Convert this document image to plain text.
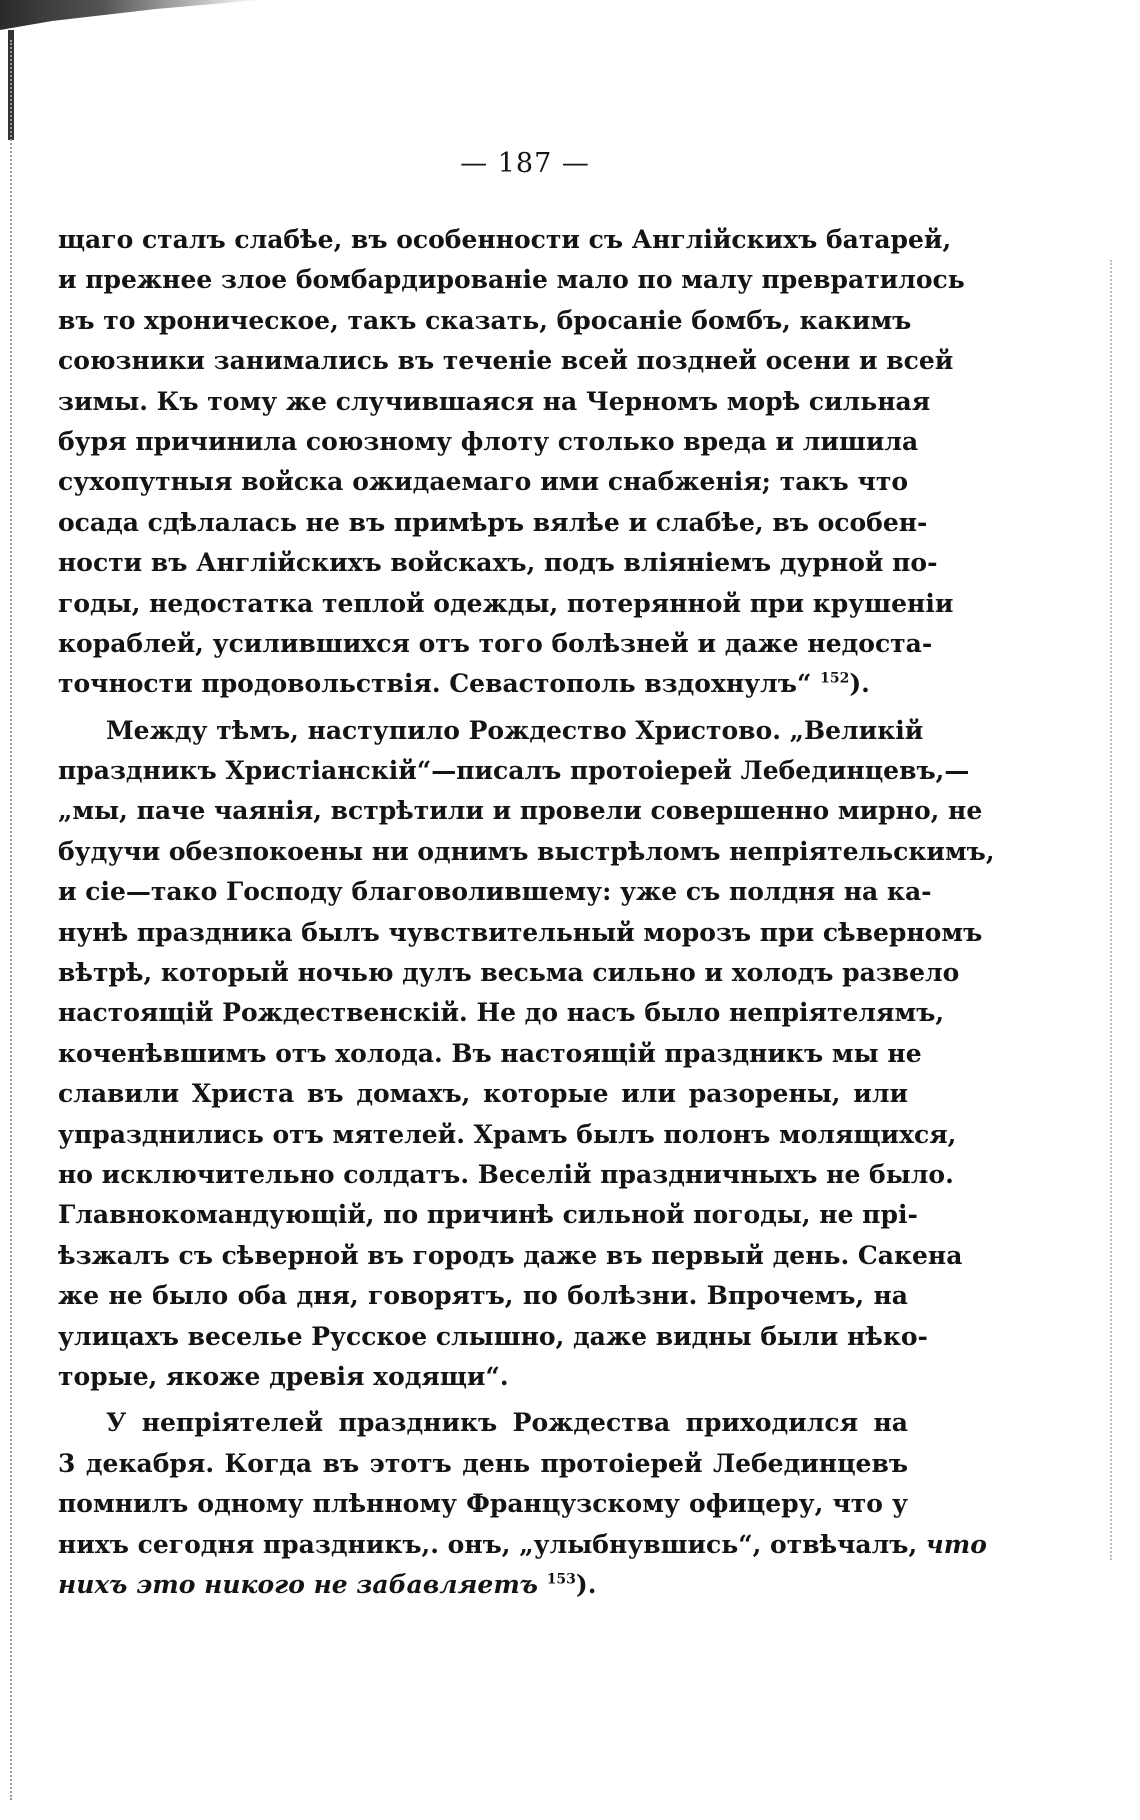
— 187 —
щаго сталъ слабѣе, въ особенности съ Англійскихъ батарей,
и прежнее злое бомбардированіе мало по малу превратилось
въ то хроническое, такъ сказать, бросаніе бомбъ, какимъ
союзники занимались въ теченіе всей поздней осени и всей
зимы. Къ тому же случившаяся на Черномъ морѣ сильная
буря причинила союзному флоту столько вреда и лишила
сухопутныя войска ожидаемаго ими снабженія; такъ что
осада сдѣлалась не въ примѣръ вялѣе и слабѣе, въ особен-
ности въ Англійскихъ войскахъ, подъ вліяніемъ дурной по-
годы, недостатка теплой одежды, потерянной при крушеніи
кораблей, усилившихся отъ того болѣзней и даже недоста-
точности продовольствія. Севастополь вздохнулъ“ $^{152}$).
Между тѣмъ, наступило Рождество Христово. „Великій
праздникъ Христіанскій“—писалъ протоіерей Лебединцевъ,—
„мы, паче чаянія, встрѣтили и провели совершенно мирно, не
будучи обезпокоены ни однимъ выстрѣломъ непріятельскимъ,
и сіе—тако Господу благоволившему: уже съ полдня на ка-
нунѣ праздника былъ чувствительный морозъ при сѣверномъ
вѣтрѣ, который ночью дулъ весьма сильно и холодъ развело
настоящій Рождественскій. Не до насъ было непріятелямъ,
коченѣвшимъ отъ холода. Въ настоящій праздникъ мы не
славили Христа въ домахъ, которые или разорены, или
упразднились отъ мятелей. Храмъ былъ полонъ молящихся,
но исключительно солдатъ. Веселій праздничныхъ не было.
Главнокомандующій, по причинѣ сильной погоды, не прі-
ѣзжалъ съ сѣверной въ городъ даже въ первый день. Сакена
же не было оба дня, говорятъ, по болѣзни. Впрочемъ, на
улицахъ веселье Русское слышно, даже видны были нѣко-
торые, якоже древія ходящи“.
У непріятелей праздникъ Рождества приходился на
3 декабря. Когда въ этотъ день протоіерей Лебединцевъ
помнилъ одному плѣнному Французскому офицеру, что у
нихъ сегодня праздникъ,. онъ, „улыбнувшись“, отвѣчалъ, что
нихъ это никого не забавляетъ $^{153}$).
